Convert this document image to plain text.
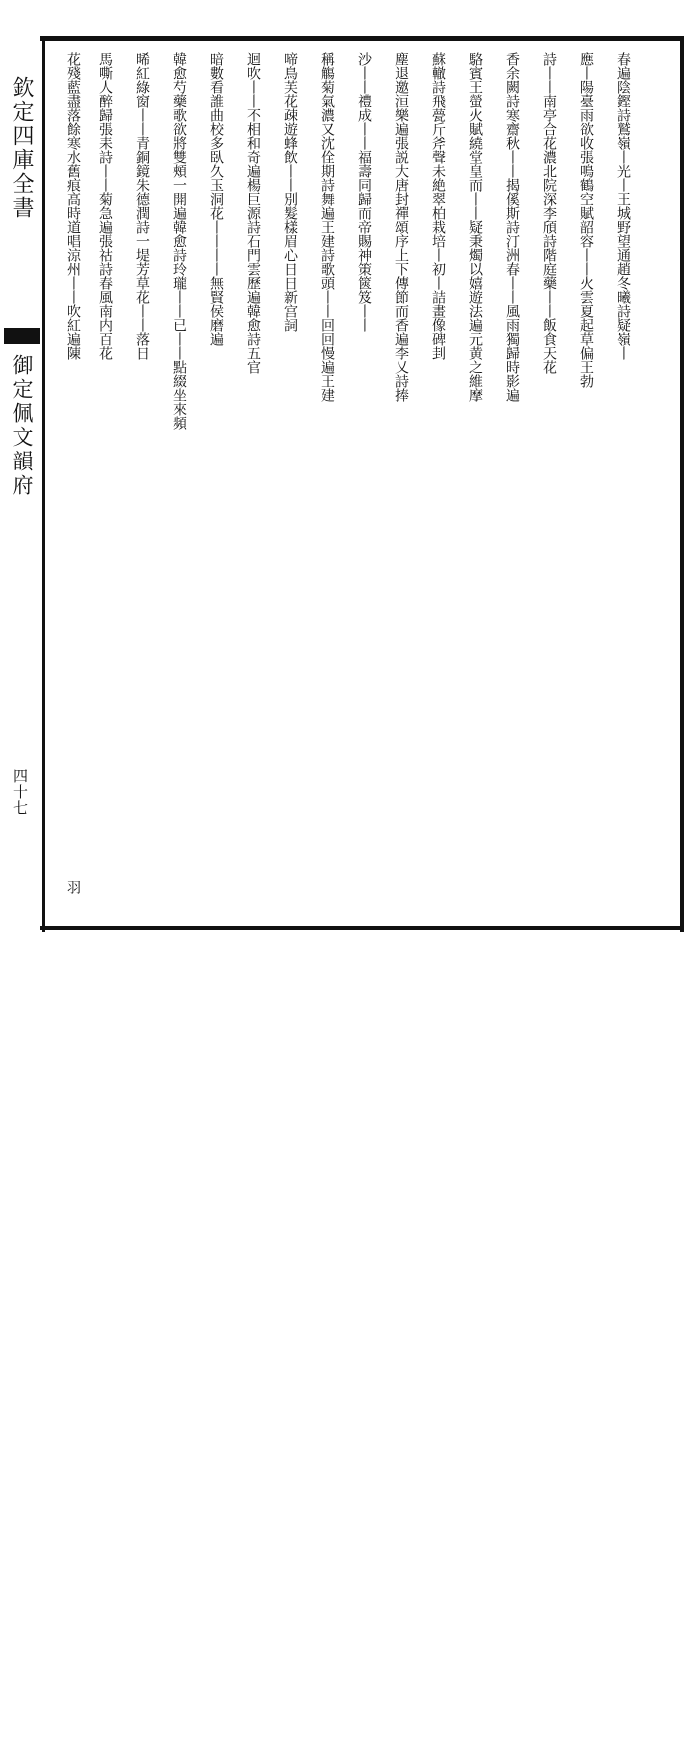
欽定四庫全書
御定佩文韻府
四十七
春遍陰鏗詩鷲嶺丨光丨王城野望通趙冬曦詩疑嶺丨
應丨陽臺雨欲收張鳴鶴空賦韶容丨丨火雲夏起草偏王勃
詩丨丨南亭合花濃北院深李頎詩階庭藥丨丨飯食天花
香余闕詩寒齋秋丨丨揭傒斯詩汀洲春丨丨風雨獨歸時影遍
駱賓王螢火賦繞堂皇而丨丨疑秉燭以嬉遊法遍元黄之維摩
蘇轍詩飛甍斤斧聲未絶翠柏栽培丨初丨詰畫像碑刲
塵退邀洹樂遍張説大唐封禪頌序上下傳節而香遍李乂詩捧
沙丨丨禮成丨丨福壽同歸而帝賜神策篋笈丨丨
稱觴菊氣濃又沈佺期詩舞遍王建詩歌頭丨丨回回慢遍王建
啼鳥芙花疎遊蜂飲丨丨別髮樣眉心日日新宫詞
迴吹丨丨不相和奇遍楊巨源詩石門雲歷遍韓愈詩五官
暗數看誰曲校多臥久玉洞花丨丨丨丨無賢侯磨遍
韓愈芍藥歌欲將雙頰一開遍韓愈詩玲瓏丨丨已丨丨點綴坐來頻
晞紅綠窗丨丨青銅鏡朱德潤詩一堤芳草花丨丨落日
馬嘶人醉歸張耒詩丨丨菊急遍張祜詩春風南内百花
花殘藍盡落餘寒水舊痕高時道唱涼州丨丨吹紅遍陳
羽
